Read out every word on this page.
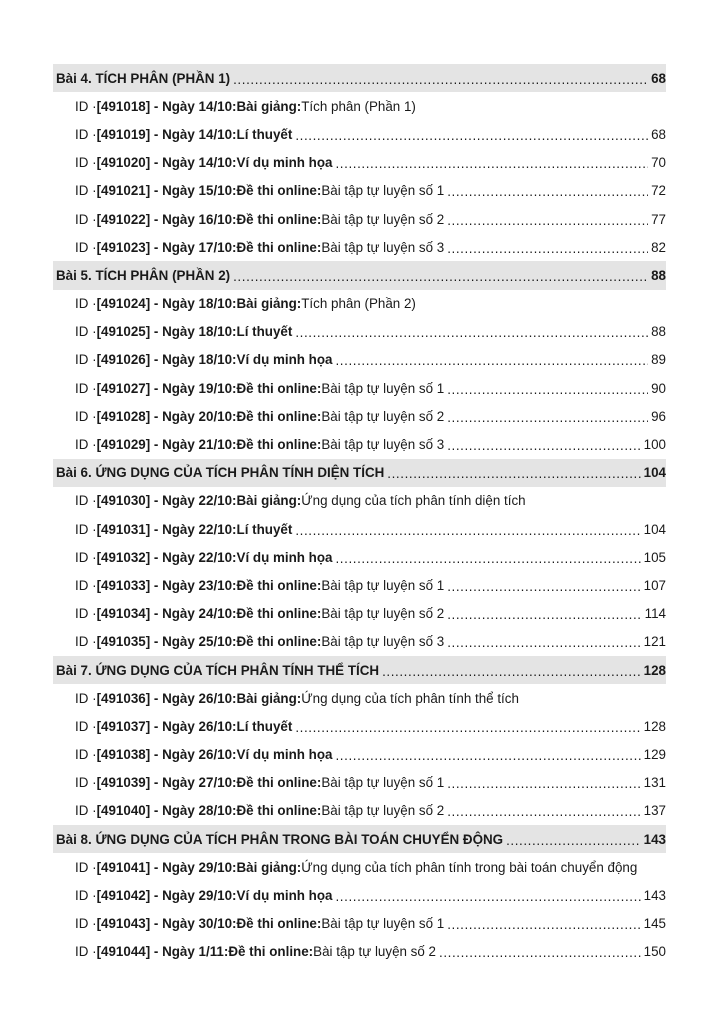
Bài 4. TÍCH PHÂN (PHẦN 1) .....	68
ID · [491018] - Ngày 14/10: Bài giảng: Tích phân (Phần 1)
ID · [491019] - Ngày 14/10: Lí thuyết .....	68
ID · [491020] - Ngày 14/10: Ví dụ minh họa .....	70
ID · [491021] - Ngày 15/10: Đề thi online: Bài tập tự luyện số 1 .....	72
ID · [491022] - Ngày 16/10: Đề thi online: Bài tập tự luyện số 2 .....	77
ID · [491023] - Ngày 17/10: Đề thi online: Bài tập tự luyện số 3 .....	82
Bài 5. TÍCH PHÂN (PHẦN 2) .....	88
ID · [491024] - Ngày 18/10: Bài giảng: Tích phân (Phần 2)
ID · [491025] - Ngày 18/10: Lí thuyết .....	88
ID · [491026] - Ngày 18/10: Ví dụ minh họa .....	89
ID · [491027] - Ngày 19/10: Đề thi online: Bài tập tự luyện số 1 .....	90
ID · [491028] - Ngày 20/10: Đề thi online: Bài tập tự luyện số 2 .....	96
ID · [491029] - Ngày 21/10: Đề thi online: Bài tập tự luyện số 3 .....	100
Bài 6. ỨNG DỤNG CỦA TÍCH PHÂN TÍNH DIỆN TÍCH .....	104
ID · [491030] - Ngày 22/10: Bài giảng: Ứng dụng của tích phân tính diện tích
ID · [491031] - Ngày 22/10: Lí thuyết .....	104
ID · [491032] - Ngày 22/10: Ví dụ minh họa .....	105
ID · [491033] - Ngày 23/10: Đề thi online: Bài tập tự luyện số 1 .....	107
ID · [491034] - Ngày 24/10: Đề thi online: Bài tập tự luyện số 2 .....	114
ID · [491035] - Ngày 25/10: Đề thi online: Bài tập tự luyện số 3 .....	121
Bài 7. ỨNG DỤNG CỦA TÍCH PHÂN TÍNH THỂ TÍCH .....	128
ID · [491036] - Ngày 26/10: Bài giảng: Ứng dụng của tích phân tính thể tích
ID · [491037] - Ngày 26/10: Lí thuyết .....	128
ID · [491038] - Ngày 26/10: Ví dụ minh họa .....	129
ID · [491039] - Ngày 27/10: Đề thi online: Bài tập tự luyện số 1 .....	131
ID · [491040] - Ngày 28/10: Đề thi online: Bài tập tự luyện số 2 .....	137
Bài 8. ỨNG DỤNG CỦA TÍCH PHÂN TRONG BÀI TOÁN CHUYỂN ĐỘNG .....	143
ID · [491041] - Ngày 29/10: Bài giảng: Ứng dụng của tích phân tính trong bài toán chuyển động
ID · [491042] - Ngày 29/10: Ví dụ minh họa .....	143
ID · [491043] - Ngày 30/10: Đề thi online: Bài tập tự luyện số 1 .....	145
ID · [491044] - Ngày 1/11: Đề thi online: Bài tập tự luyện số 2 .....	150
